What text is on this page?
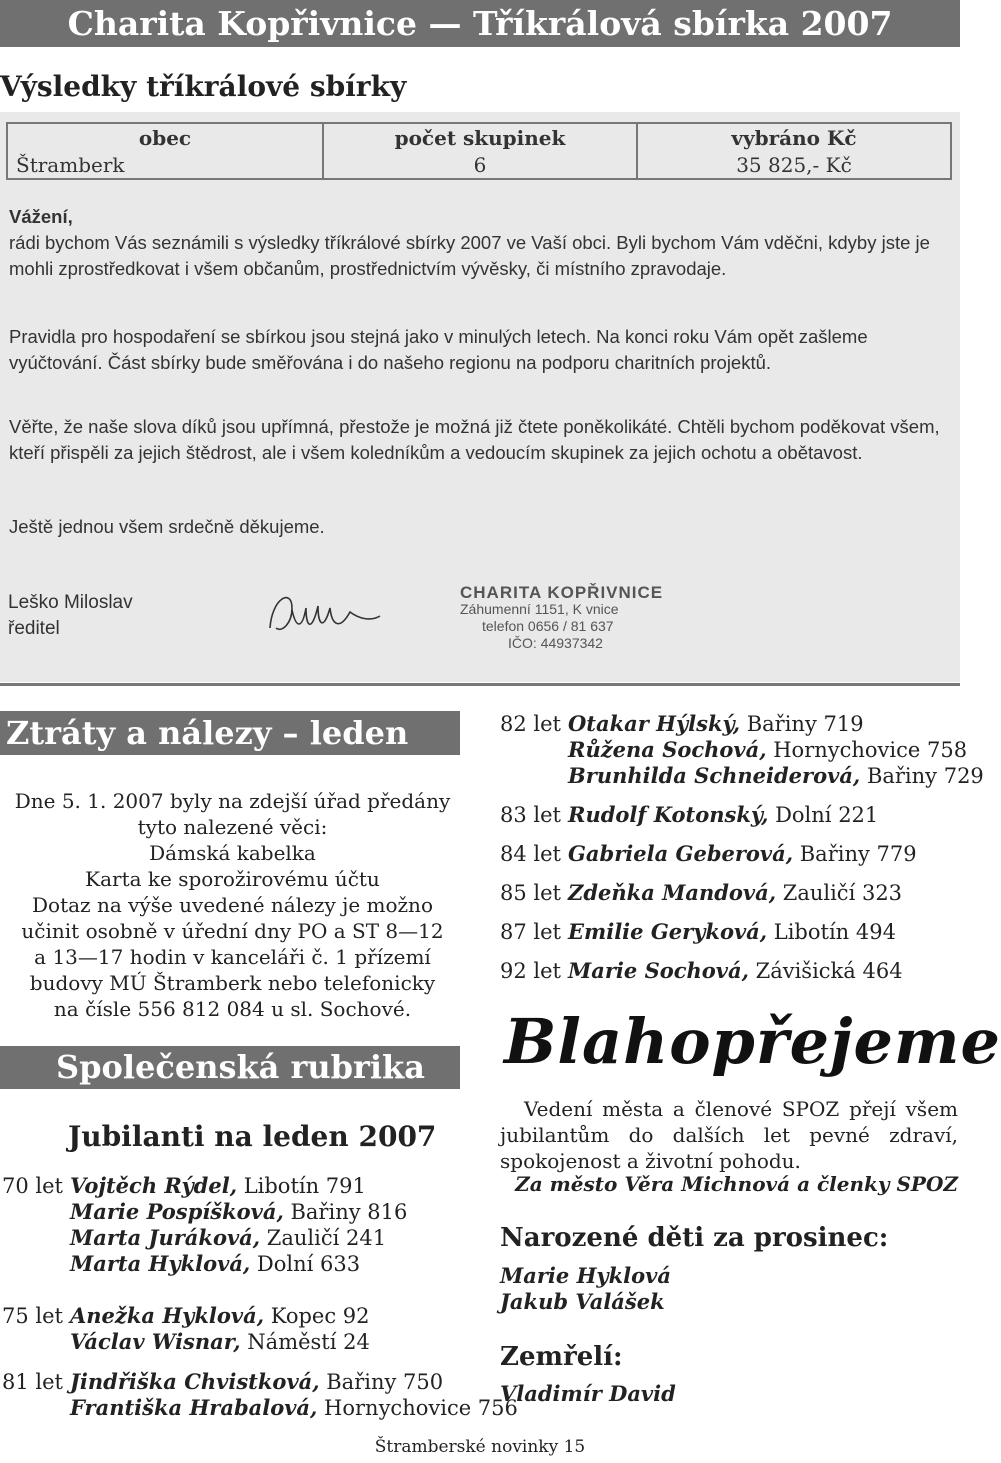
Charita Kopřivnice — Tříkrálová sbírka 2007
Výsledky tříkrálové sbírky
obec	počet skupinek	vybráno Kč
Štramberk	6	35 825,- Kč
Vážení,

rádi bychom Vás seznámili s výsledky tříkrálové sbírky 2007 ve Vaší obci. Byli bychom Vám vděčni, kdyby jste je mohli zprostředkovat i všem občanům, prostřednictvím vývěsky, či místního zpravodaje.

Pravidla pro hospodaření se sbírkou jsou stejná jako v minulých letech. Na konci roku Vám opět zašleme vyúčtování. Část sbírky bude směřována i do našeho regionu na podporu charitních projektů.

Věřte, že naše slova díků jsou upřímná, přestože je možná již čtete poněkolikáté. Chtěli bychom poděkovat všem, kteří přispěli za jejich štědrost, ale i všem koledníkům a vedoucím skupinek za jejich ochotu a obětavost.

Ještě jednou všem srdečně děkujeme.

Leško Miloslav
ředitel
CHARITA KOPŘIVNICE
Záhumenní 1151, K vnice
telefon 0656 / 81 637
IČO: 44937342
Ztráty a nálezy – leden 2007
Dne 5. 1. 2007 byly na zdejší úřad předány
tyto nalezené věci:
Dámská kabelka
Karta ke sporožirovému účtu
Dotaz na výše uvedené nálezy je možno
učinit osobně v úřední dny PO a ST 8—12
a 13—17 hodin v kanceláři č. 1 přízemí
budovy MÚ Štramberk nebo telefonicky
na čísle 556 812 084 u sl. Sochové.
Společenská rubrika
Jubilanti na leden 2007
70 let Vojtěch Rýdel, Libotín 791
Marie Pospíšková, Bařiny 816
Marta Juráková, Zauličí 241
Marta Hyklová, Dolní 633
75 let Anežka Hyklová, Kopec 92
Václav Wisnar, Náměstí 24
81 let Jindřiška Chvistková, Bařiny 750
Františka Hrabalová, Hornychovice 756
82 let Otakar Hýlský, Bařiny 719
Růžena Sochová, Hornychovice 758
Brunhilda Schneiderová, Bařiny 729
83 let Rudolf Kotonský, Dolní 221
84 let Gabriela Geberová, Bařiny 779
85 let Zdeňka Mandová, Zauličí 323
87 let Emilie Geryková, Libotín 494
92 let Marie Sochová, Závišická 464
Blahopřejeme

Vedení města a členové SPOZ přejí všem jubilantům do dalších let pevné zdraví, spokojenost a životní pohodu.

Za město Věra Michnová a členky SPOZ
Narozené děti za prosinec:
Marie Hyklová
Jakub Valášek
Zemřelí:
Vladimír David
Štramberské novinky 15
